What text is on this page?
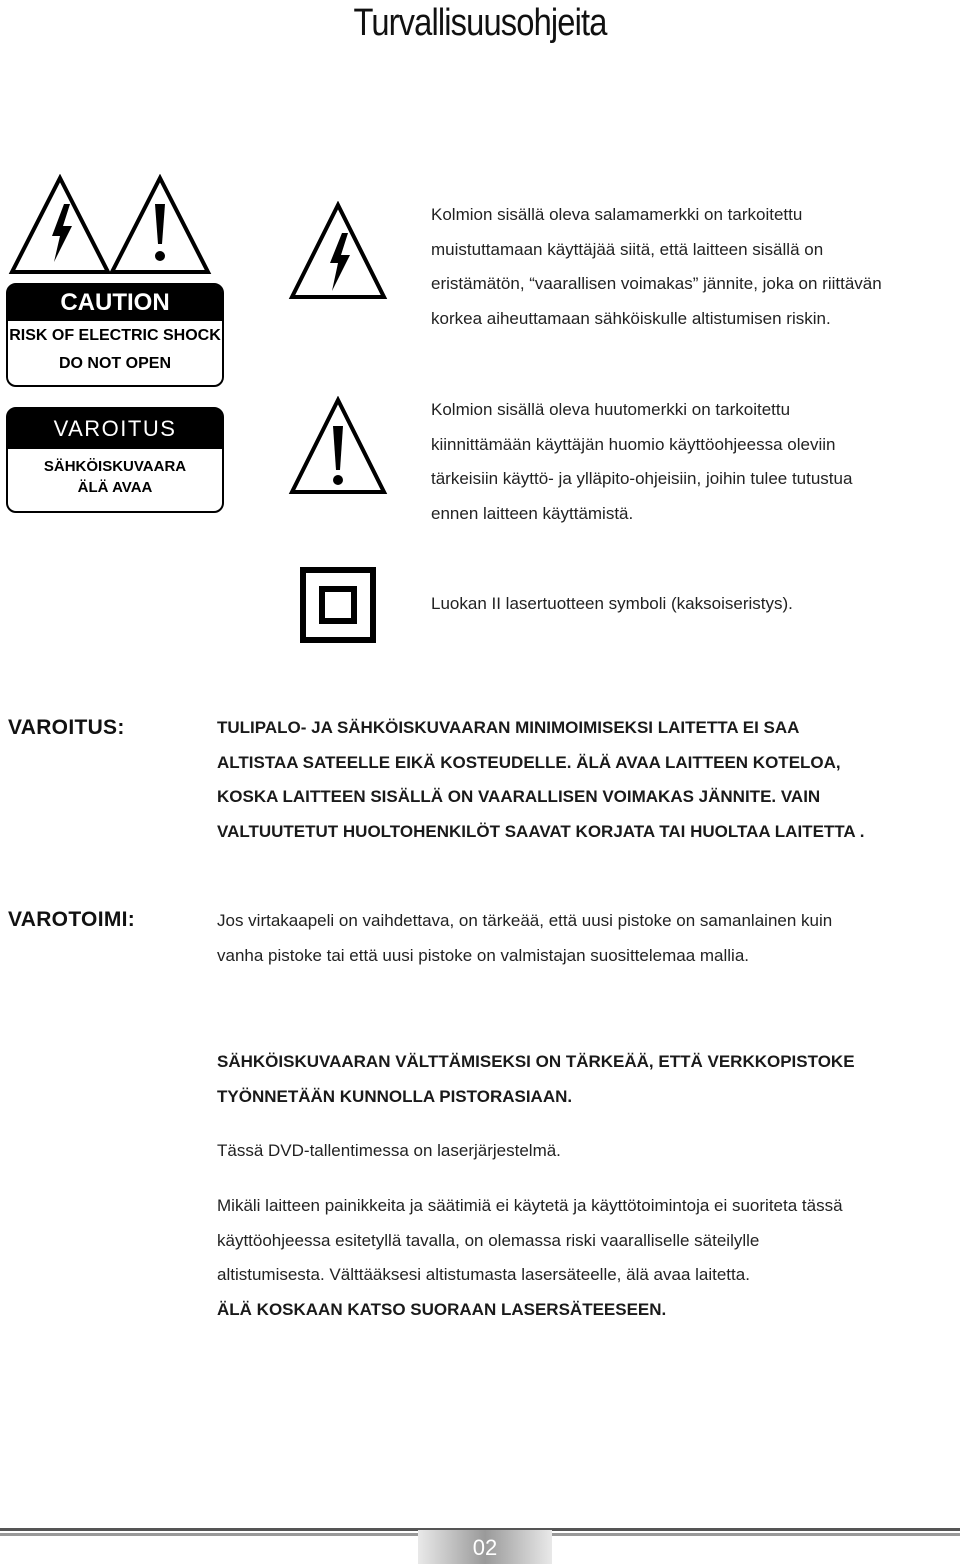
Turvallisuusohjeita
CAUTION
RISK OF ELECTRIC SHOCK
DO NOT OPEN
VAROITUS
SÄHKÖISKUVAARA
ÄLÄ AVAA
Kolmion sisällä oleva salamamerkki on tarkoitettu
muistuttamaan käyttäjää siitä, että laitteen sisällä on
eristämätön, “vaarallisen voimakas” jännite, joka on riittävän
korkea aiheuttamaan sähköiskulle altistumisen riskin.
Kolmion sisällä oleva huutomerkki on tarkoitettu
kiinnittämään käyttäjän huomio käyttöohjeessa oleviin
tärkeisiin käyttö- ja ylläpito-ohjeisiin, joihin tulee tutustua
ennen laitteen käyttämistä.
Luokan II lasertuotteen symboli (kaksoiseristys).
VAROITUS:	TULIPALO- JA SÄHKÖISKUVAARAN MINIMOIMISEKSI LAITETTA EI SAA
ALTISTAA SATEELLE EIKÄ KOSTEUDELLE. ÄLÄ AVAA LAITTEEN KOTELOA,
KOSKA LAITTEEN SISÄLLÄ ON VAARALLISEN VOIMAKAS JÄNNITE. VAIN
VALTUUTETUT HUOLTOHENKILÖT SAAVAT KORJATA TAI HUOLTAA LAITETTA .
VAROTOIMI:	Jos virtakaapeli on vaihdettava, on tärkeää, että uusi pistoke on samanlainen kuin
vanha pistoke tai että uusi pistoke on valmistajan suosittelemaa mallia.
SÄHKÖISKUVAARAN VÄLTTÄMISEKSI ON TÄRKEÄÄ, ETTÄ VERKKOPISTOKE
TYÖNNETÄÄN KUNNOLLA PISTORASIAAN.
Tässä DVD-tallentimessa on laserjärjestelmä.
Mikäli laitteen painikkeita ja säätimiä ei käytetä ja käyttötoimintoja ei suoriteta tässä
käyttöohjeessa esitetyllä tavalla, on olemassa riski vaaralliselle säteilylle
altistumisesta. Välttääksesi altistumasta lasersäteelle, älä avaa laitetta.
ÄLÄ KOSKAAN KATSO SUORAAN LASERSÄTEESEEN.
02
